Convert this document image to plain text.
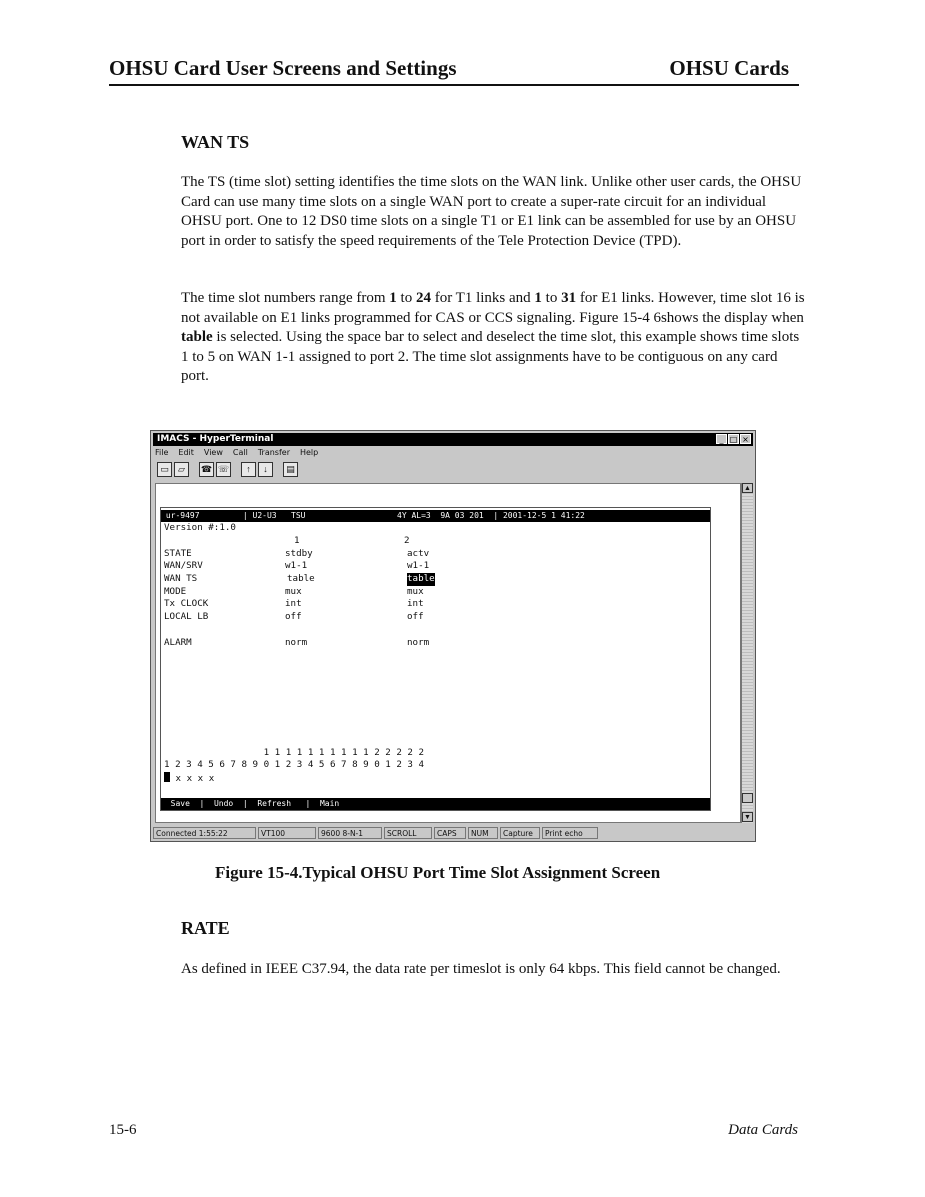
OHSU Card User Screens and Settings	OHSU Cards
WAN TS

The TS (time slot) setting identifies the time slots on the WAN link. Unlike other user cards, the OHSU Card can use many time slots on a single WAN port to create a super-rate circuit for an individual OHSU port. One to 12 DS0 time slots on a single T1 or E1 link can be assembled for use by an OHSU port in order to satisfy the speed requirements of the Tele Protection Device (TPD).

The time slot numbers range from 1 to 24 for T1 links and 1 to 31 for E1 links. However, time slot 16 is not available on E1 links programmed for CAS or CCS signaling. Figure 15-4 6shows the display when table is selected. Using the space bar to select and deselect the time slot, this example shows time slots 1 to 5 on WAN 1-1 assigned to port 2. The time slot assignments have to be contiguous on any card port.

IMACS - HyperTerminal	_ □ ×
File Edit View Call Transfer Help
▭	▱	☎ ☏	↑	↓	▤
▲
▼
ur-9497         | U2-U3   TSU                   4Y AL=3  9A 03 201  | 2001-12-5 1 41:22
Version #:1.0
1	2
STATE	stdby	actv
WAN/SRV	w1-1	w1-1
WAN TS	table	table
MODE	mux	mux
Tx CLOCK	int	int
LOCAL LB	off	off
ALARM	norm	norm
1 1 1 1 1 1 1 1 1 1 2 2 2 2 2
1 2 3 4 5 6 7 8 9 0 1 2 3 4 5 6 7 8 9 0 1 2 3 4
x x x x
Save  |  Undo  |  Refresh   |  Main
Connected 1:55:22	VT100	9600 8-N-1	SCROLL	CAPS	NUM	Capture	Print echo
Figure 15-4.Typical OHSU Port Time Slot Assignment Screen
RATE

As defined in IEEE C37.94, the data rate per timeslot is only 64 kbps. This field cannot be changed.

15-6	Data Cards
